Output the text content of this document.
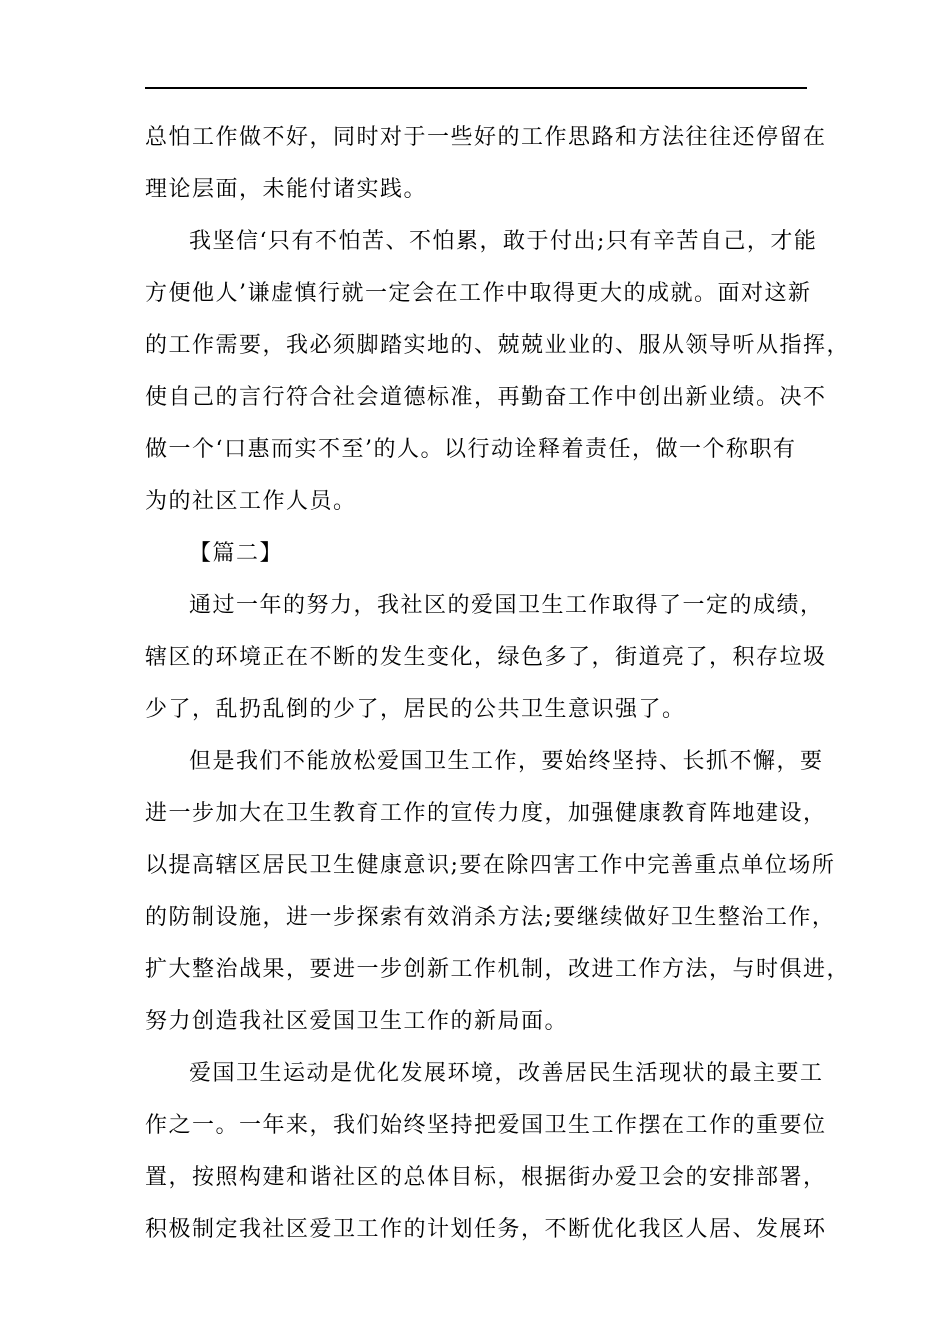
总怕工作做不好，同时对于一些好的工作思路和方法往往还停留在
理论层面，未能付诸实践。

我坚信‘只有不怕苦、不怕累，敢于付出;只有辛苦自己，才能
方便他人’谦虚慎行就一定会在工作中取得更大的成就。面对这新
的工作需要，我必须脚踏实地的、兢兢业业的、服从领导听从指挥，
使自己的言行符合社会道德标准，再勤奋工作中创出新业绩。决不
做一个‘口惠而实不至’的人。以行动诠释着责任，做一个称职有
为的社区工作人员。

【篇二】

通过一年的努力，我社区的爱国卫生工作取得了一定的成绩，
辖区的环境正在不断的发生变化，绿色多了，街道亮了，积存垃圾
少了，乱扔乱倒的少了，居民的公共卫生意识强了。

但是我们不能放松爱国卫生工作，要始终坚持、长抓不懈，要
进一步加大在卫生教育工作的宣传力度，加强健康教育阵地建设，
以提高辖区居民卫生健康意识;要在除四害工作中完善重点单位场所
的防制设施，进一步探索有效消杀方法;要继续做好卫生整治工作，
扩大整治战果，要进一步创新工作机制，改进工作方法，与时俱进，
努力创造我社区爱国卫生工作的新局面。

爱国卫生运动是优化发展环境，改善居民生活现状的最主要工
作之一。一年来，我们始终坚持把爱国卫生工作摆在工作的重要位
置，按照构建和谐社区的总体目标，根据街办爱卫会的安排部署，
积极制定我社区爱卫工作的计划任务，不断优化我区人居、发展环
